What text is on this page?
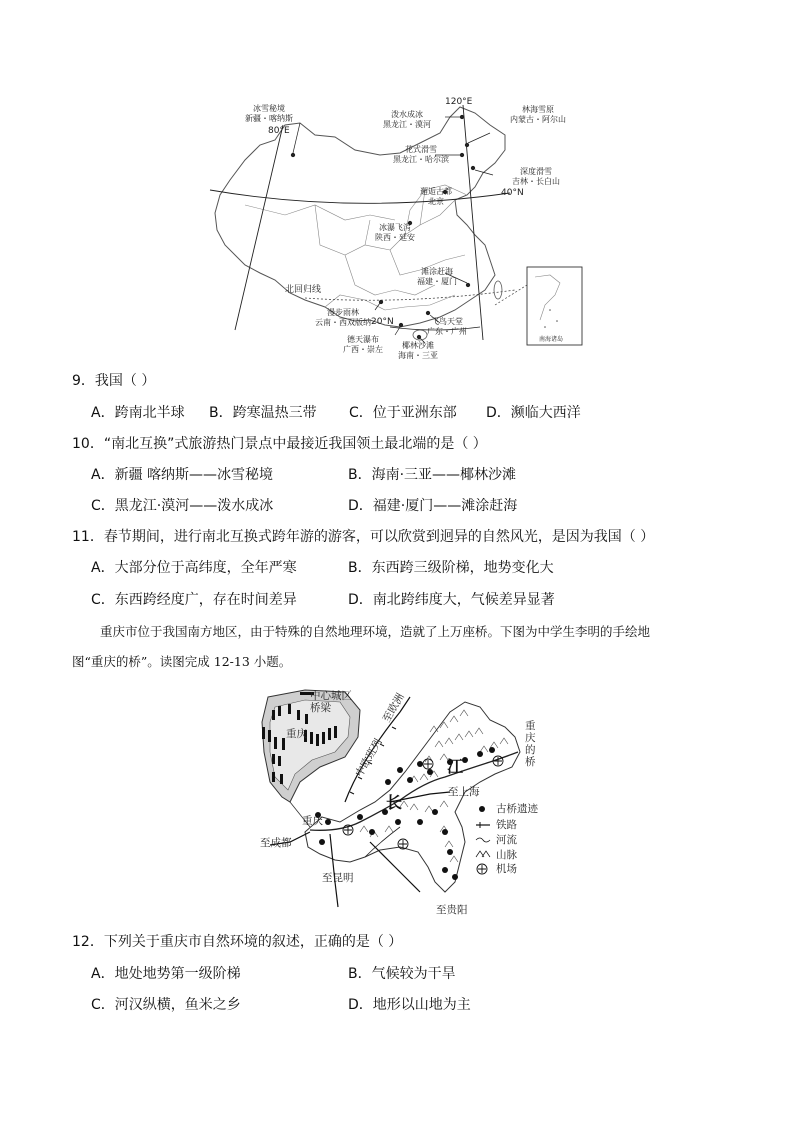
冰雪秘境
新疆・喀纳斯
80°E
泼水成冰
黑龙江・漠河
120°E
林海雪原
内蒙古・阿尔山
花式滑雪
黑龙江・哈尔滨
深度滑雪
吉林・长白山
40°N
邂逅古都
北京
冰瀑飞泻
陕西・延安
滩涂赶海
福建・厦门
北回归线
漫步雨林
云南・西双版纳 20°N	飞鸟天堂
广东・广州
德天瀑布
广西・崇左	椰林沙滩
海南・三亚
南海诸岛
9．我国（ ）
A．跨南北半球 B．跨寒温热三带 C．位于亚洲东部 D．濒临大西洋
10．“南北互换”式旅游热门景点中最接近我国领土最北端的是（ ）
A．新疆 喀纳斯——冰雪秘境	B．海南·三亚——椰林沙滩
C．黑龙江·漠河——泼水成冰	D．福建·厦门——滩涂赶海
11．春节期间，进行南北互换式跨年游的游客，可以欣赏到迥异的自然风光，是因为我国（ ）
A．大部分位于高纬度，全年严寒	B．东西跨三级阶梯，地势变化大
C．东西跨经度广，存在时间差异	D．南北跨纬度大，气候差异显著
重庆市位于我国南方地区，由于特殊的自然地理环境，造就了上万座桥。下图为中学生李明的手绘地
图“重庆的桥”。读图完成 12-13 小题。
中心城区
桥梁
重庆
重庆
至欧洲
中欧班列
重
庆
的
桥
江
长
至上海
至成都
至昆明
至贵阳
古桥遗迹
铁路
河流
山脉
机场
12．下列关于重庆市自然环境的叙述，正确的是（ ）
A．地处地势第一级阶梯	B．气候较为干旱
C．河汉纵横，鱼米之乡	D．地形以山地为主
